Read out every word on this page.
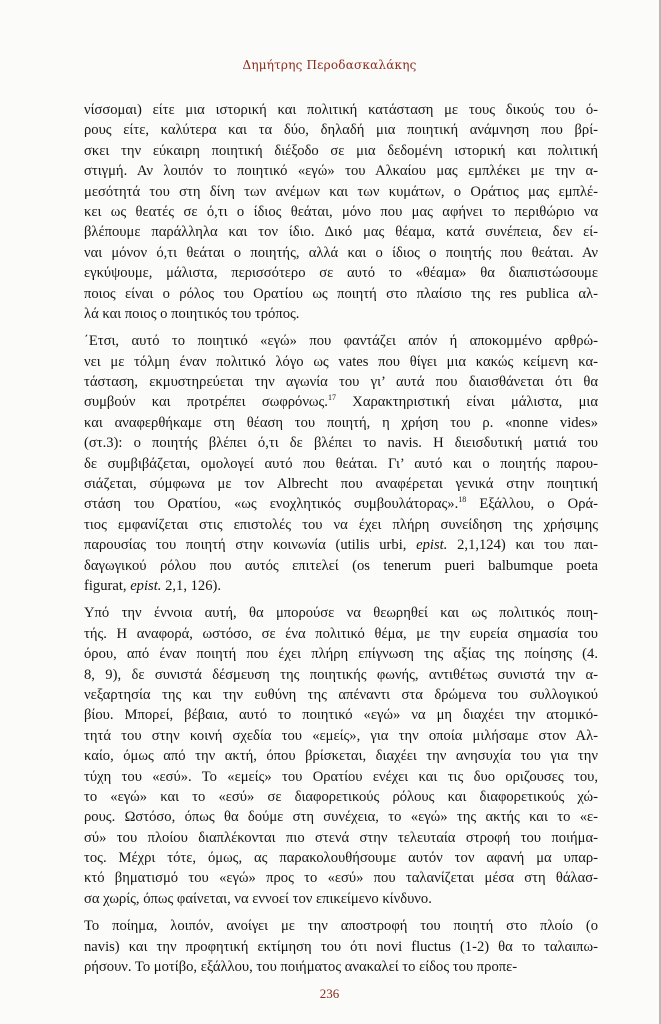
Δημήτρης Περοδασκαλάκης
νίσσομαι) είτε μια ιστορική και πολιτική κατάσταση με τους δικούς του ό-
ρους είτε, καλύτερα και τα δύο, δηλαδή μια ποιητική ανάμνηση που βρί-
σκει την εύκαιρη ποιητική διέξοδο σε μια δεδομένη ιστορική και πολιτική
στιγμή. Αν λοιπόν το ποιητικό «εγώ» του Αλκαίου μας εμπλέκει με την α-
μεσότητά του στη δίνη των ανέμων και των κυμάτων, ο Οράτιος μας εμπλέ-
κει ως θεατές σε ό,τι ο ίδιος θεάται, μόνο που μας αφήνει το περιθώριο να
βλέπουμε παράλληλα και τον ίδιο. Δικό μας θέαμα, κατά συνέπεια, δεν εί-
ναι μόνον ό,τι θεάται ο ποιητής, αλλά και ο ίδιος ο ποιητής που θεάται. Αν
εγκύψουμε, μάλιστα, περισσότερο σε αυτό το «θέαμα» θα διαπιστώσουμε
ποιος είναι ο ρόλος του Ορατίου ως ποιητή στο πλαίσιο της res publica αλ-
λά και ποιος ο ποιητικός του τρόπος.
΄Ετσι, αυτό το ποιητικό «εγώ» που φαντάζει απόν ή αποκομμένο αρθρώ-
νει με τόλμη έναν πολιτικό λόγο ως vates που θίγει μια κακώς κείμενη κα-
τάσταση, εκμυστηρεύεται την αγωνία του γι’ αυτά που διαισθάνεται ότι θα
συμβούν και προτρέπει σωφρόνως.$^{17}$ Χαρακτηριστική είναι μάλιστα, μια
και αναφερθήκαμε στη θέαση του ποιητή, η χρήση του ρ. «nonne vides»
(στ.3): ο ποιητής βλέπει ό,τι δε βλέπει το navis. Η διεισδυτική ματιά του
δε συμβιβάζεται, ομολογεί αυτό που θεάται. Γι’ αυτό και ο ποιητής παρου-
σιάζεται, σύμφωνα με τον Albrecht που αναφέρεται γενικά στην ποιητική
στάση του Ορατίου, «ως ενοχλητικός συμβουλάτορας».$^{18}$ Εξάλλου, ο Ορά-
τιος εμφανίζεται στις επιστολές του να έχει πλήρη συνείδηση της χρήσιμης
παρουσίας του ποιητή στην κοινωνία (utilis urbi, epist. 2,1,124) και του παι-
δαγωγικού ρόλου που αυτός επιτελεί (os tenerum pueri balbumque poeta
figurat, epist. 2,1, 126).
Υπό την έννοια αυτή, θα μπορούσε να θεωρηθεί και ως πολιτικός ποιη-
τής. Η αναφορά, ωστόσο, σε ένα πολιτικό θέμα, με την ευρεία σημασία του
όρου, από έναν ποιητή που έχει πλήρη επίγνωση της αξίας της ποίησης (4.
8, 9), δε συνιστά δέσμευση της ποιητικής φωνής, αντιθέτως συνιστά την α-
νεξαρτησία της και την ευθύνη της απέναντι στα δρώμενα του συλλογικού
βίου. Μπορεί, βέβαια, αυτό το ποιητικό «εγώ» να μη διαχέει την ατομικό-
τητά του στην κοινή σχεδία του «εμείς», για την οποία μιλήσαμε στον Αλ-
καίο, όμως από την ακτή, όπου βρίσκεται, διαχέει την ανησυχία του για την
τύχη του «εσύ». Το «εμείς» του Ορατίου ενέχει και τις δυο οριζουσες του,
το «εγώ» και το «εσύ» σε διαφορετικούς ρόλους και διαφορετικούς χώ-
ρους. Ωστόσο, όπως θα δούμε στη συνέχεια, το «εγώ» της ακτής και το «ε-
σύ» του πλοίου διαπλέκονται πιο στενά στην τελευταία στροφή του ποιήμα-
τος. Μέχρι τότε, όμως, ας παρακολουθήσουμε αυτόν τον αφανή μα υπαρ-
κτό βηματισμό του «εγώ» προς το «εσύ» που ταλανίζεται μέσα στη θάλασ-
σα χωρίς, όπως φαίνεται, να εννοεί τον επικείμενο κίνδυνο.
Το ποίημα, λοιπόν, ανοίγει με την αποστροφή του ποιητή στο πλοίο (ο
navis) και την προφητική εκτίμηση του ότι novi fluctus (1-2) θα το ταλαιπω-
ρήσουν. Το μοτίβο, εξάλλου, του ποιήματος ανακαλεί το είδος του προπε-
236
